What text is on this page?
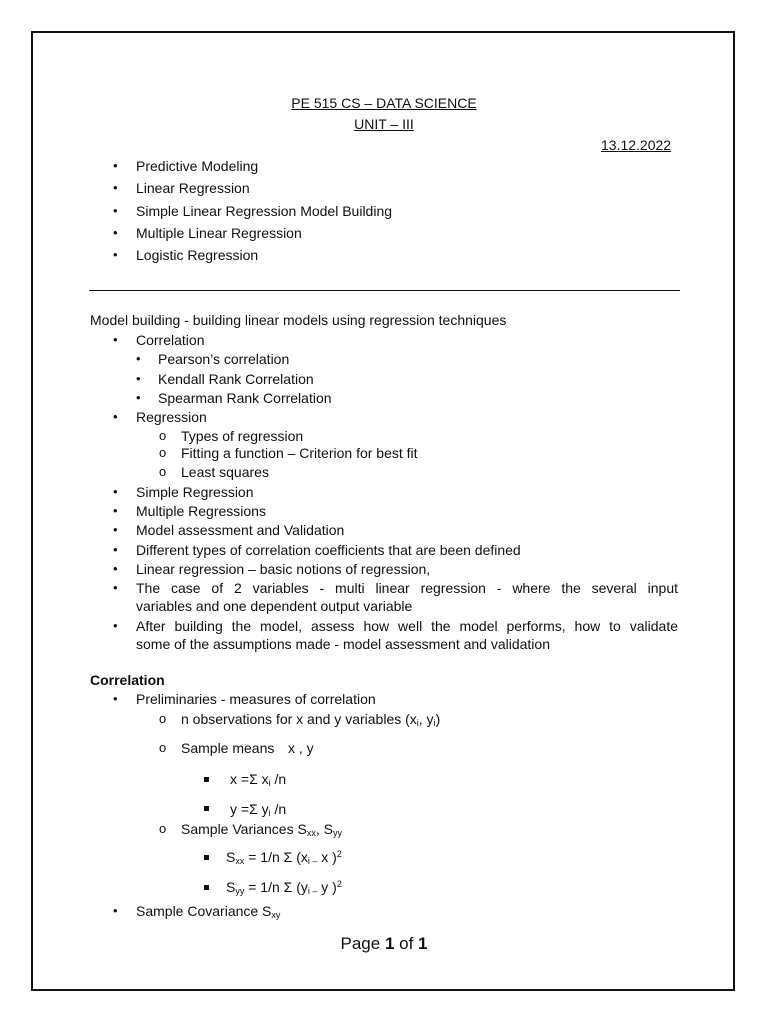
PE 515 CS – DATA SCIENCE
UNIT – III
13.12.2022
• Predictive Modeling
• Linear Regression
• Simple Linear Regression Model Building
• Multiple Linear Regression
• Logistic Regression
Model building - building linear models using regression techniques
• Correlation
• Pearson’s correlation
• Kendall Rank Correlation
• Spearman Rank Correlation
• Regression
o Types of regression
o Fitting a function – Criterion for best fit
o Least squares
• Simple Regression
• Multiple Regressions
• Model assessment and Validation
• Different types of correlation coefficients that are been defined
• Linear regression – basic notions of regression,
• The case of 2 variables - multi linear regression - where the several input
variables and one dependent output variable
• After building the model, assess how well the model performs, how to validate
some of the assumptions made - model assessment and validation
Correlation
• Preliminaries - measures of correlation
o n observations for x and y variables ($x_i$, $y_i$)
o Sample means x , y
x =Σ $x_i$ /n
y =Σ $y_i$ /n
o Sample Variances $S_{xx}$, $S_{yy}$
$S_{xx} = 1/n$ Σ ($x_{i -}$ x )$^2$
$S_{yy} = 1/n$ Σ ($y_{i -}$ y )$^2$
• Sample Covariance $S_{xy}$
Page 1 of 1
